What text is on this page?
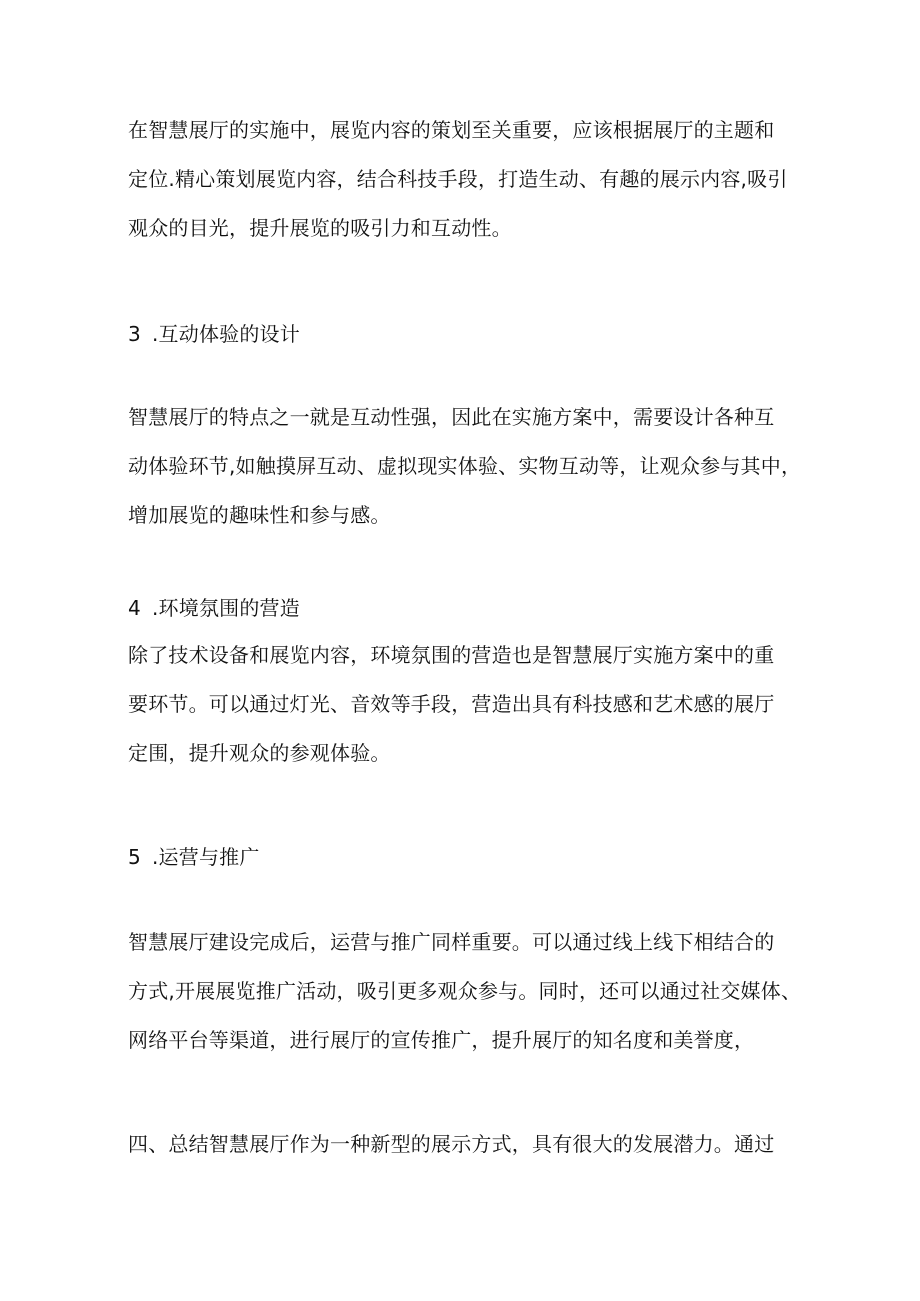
在智慧展厅的实施中，展览内容的策划至关重要，应该根据展厅的主题和
定位.精心策划展览内容，结合科技手段，打造生动、有趣的展示内容,吸引
观众的目光，提升展览的吸引力和互动性。
3 .互动体验的设计
智慧展厅的特点之一就是互动性强，因此在实施方案中，需要设计各种互
动体验环节,如触摸屏互动、虚拟现实体验、实物互动等，让观众参与其中，
增加展览的趣味性和参与感。
4 .环境氛围的营造
除了技术设备和展览内容，环境氛围的营造也是智慧展厅实施方案中的重
要环节。可以通过灯光、音效等手段，营造出具有科技感和艺术感的展厅
定围，提升观众的参观体验。
5 .运营与推广
智慧展厅建设完成后，运营与推广同样重要。可以通过线上线下相结合的
方式,开展展览推广活动，吸引更多观众参与。同时，还可以通过社交媒体、
网络平台等渠道，进行展厅的宣传推广，提升展厅的知名度和美誉度，
四、总结智慧展厅作为一种新型的展示方式，具有很大的发展潜力。通过
